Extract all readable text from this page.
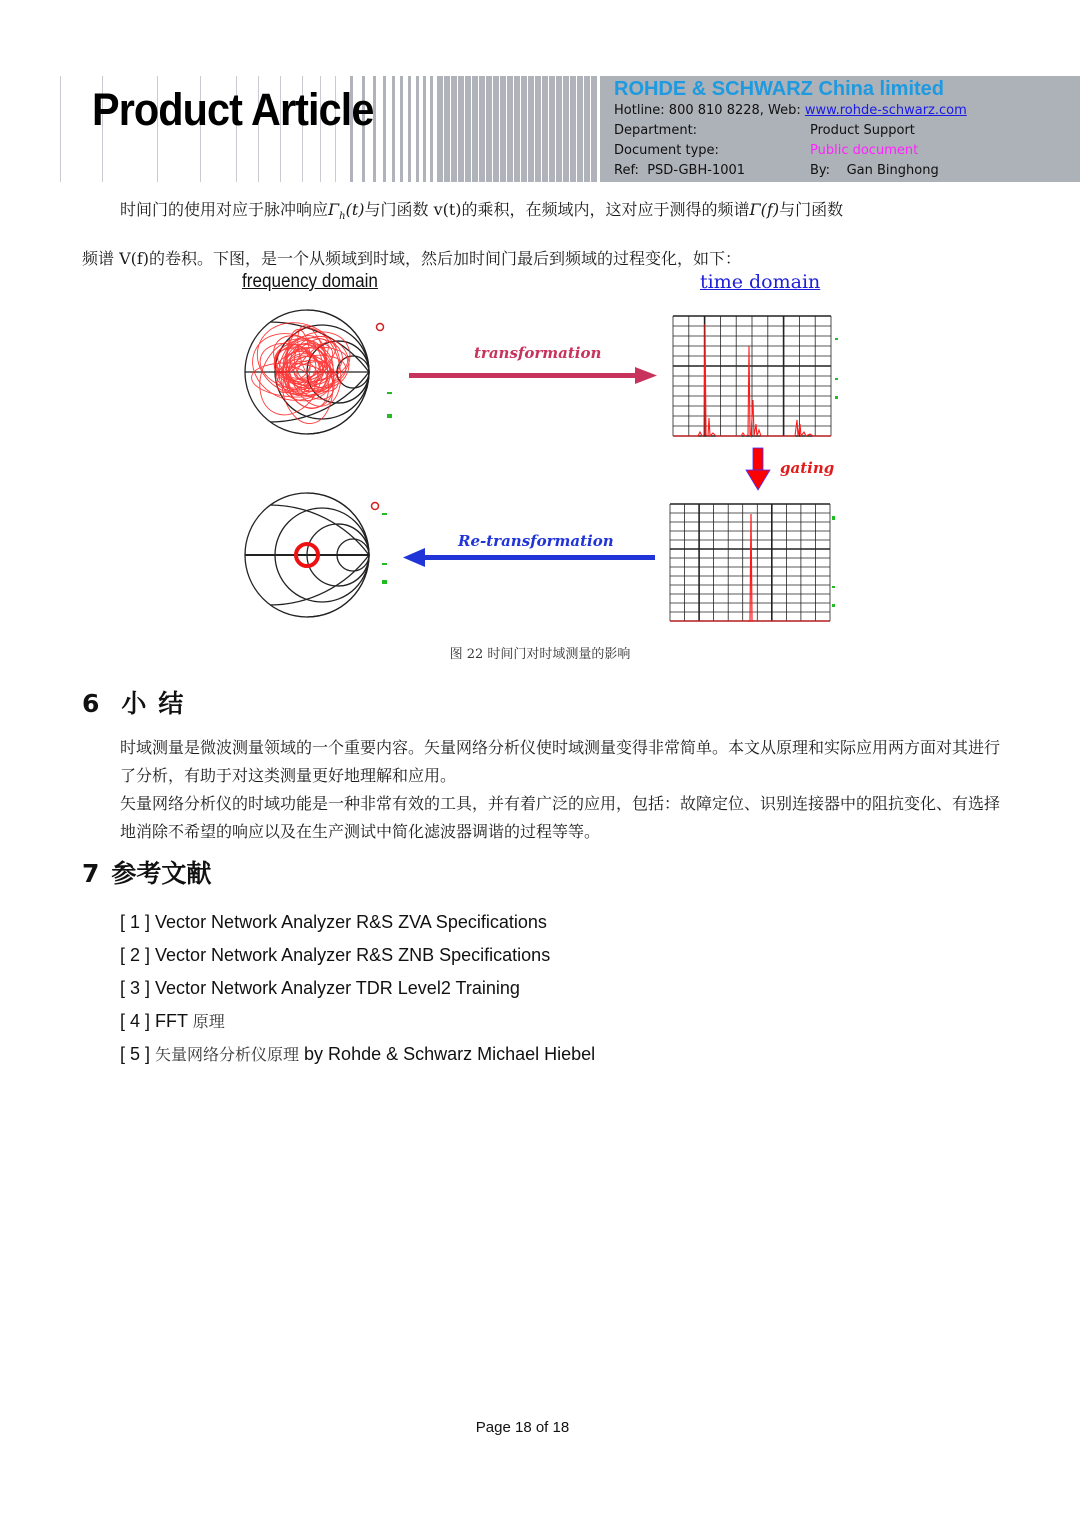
Product Article	ROHDE & SCHWARZ China limited
Hotline: 800 810 8228, Web: www.rohde-schwarz.com
Department:	Product Support
Document type:	Public document
Ref: PSD-GBH-1001	By: Gan Binghong
时间门的使用对应于脉冲响应$\Gamma_h(t)$与门函数 v(t)的乘积，在频域内，这对应于测得的频谱Γ(f)与门函数
频谱 V(f)的卷积。下图，是一个从频域到时域，然后加时间门最后到频域的过程变化，如下：
frequency domain	time domain
transformation
gating
Re-transformation
图 22 时间门对时域测量的影响
6 小结
时域测量是微波测量领域的一个重要内容。矢量网络分析仪使时域测量变得非常简单。本文从原理和实际应用两方面对其进行了分析，有助于对这类测量更好地理解和应用。
矢量网络分析仪的时域功能是一种非常有效的工具，并有着广泛的应用，包括：故障定位、识别连接器中的阻抗变化、有选择地消除不希望的响应以及在生产测试中简化滤波器调谐的过程等等。
7 参考文献
[ 1 ] Vector Network Analyzer R&S ZVA Specifications
[ 2 ] Vector Network Analyzer R&S ZNB Specifications
[ 3 ] Vector Network Analyzer TDR Level2 Training
[ 4 ] FFT 原理
[ 5 ] 矢量网络分析仪原理 by Rohde & Schwarz Michael Hiebel
Page 18 of 18
